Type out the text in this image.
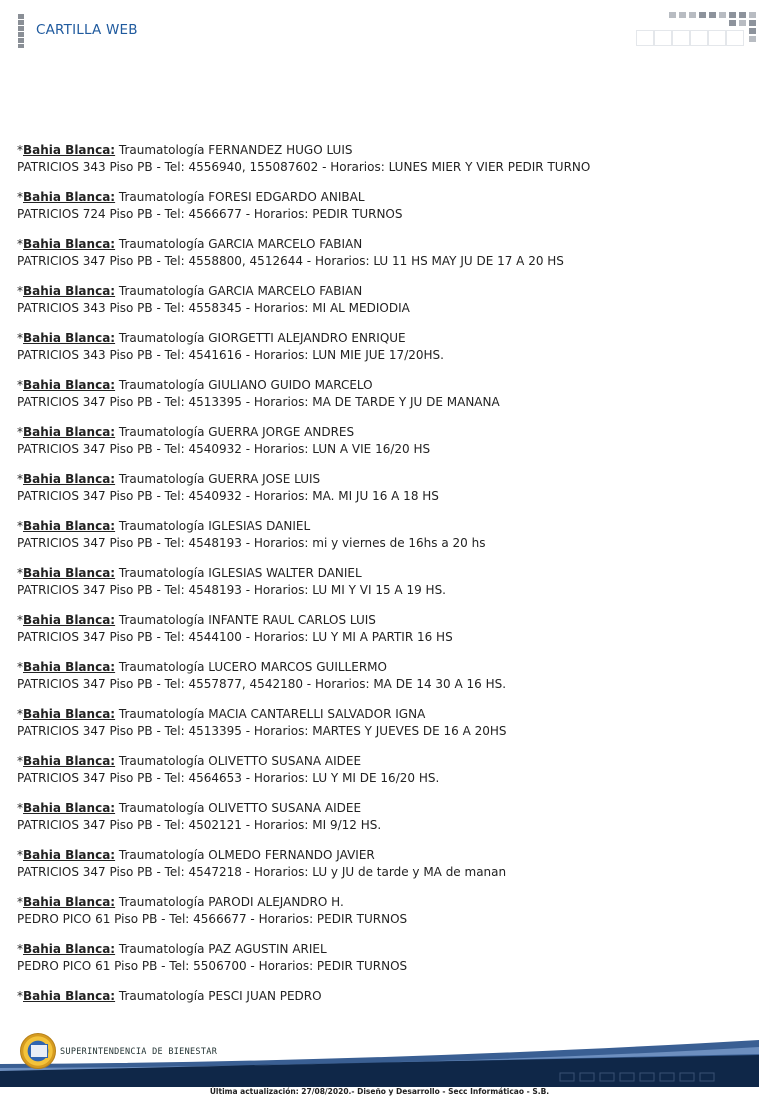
CARTILLA WEB
*Bahia Blanca: Traumatología FERNANDEZ HUGO LUIS
PATRICIOS 343 Piso PB - Tel: 4556940, 155087602 - Horarios: LUNES MIER Y VIER PEDIR TURNO
*Bahia Blanca: Traumatología FORESI EDGARDO ANIBAL
PATRICIOS 724 Piso PB - Tel: 4566677 - Horarios: PEDIR TURNOS
*Bahia Blanca: Traumatología GARCIA MARCELO FABIAN
PATRICIOS 347 Piso PB - Tel: 4558800, 4512644 - Horarios: LU 11 HS MAY JU DE 17 A 20 HS
*Bahia Blanca: Traumatología GARCIA MARCELO FABIAN
PATRICIOS 343 Piso PB - Tel: 4558345 - Horarios: MI AL MEDIODIA
*Bahia Blanca: Traumatología GIORGETTI ALEJANDRO ENRIQUE
PATRICIOS 343 Piso PB - Tel: 4541616 - Horarios: LUN MIE JUE 17/20HS.
*Bahia Blanca: Traumatología GIULIANO GUIDO MARCELO
PATRICIOS 347 Piso PB - Tel: 4513395 - Horarios: MA DE TARDE Y JU DE MANANA
*Bahia Blanca: Traumatología GUERRA JORGE ANDRES
PATRICIOS 347 Piso PB - Tel: 4540932 - Horarios: LUN A VIE 16/20 HS
*Bahia Blanca: Traumatología GUERRA JOSE LUIS
PATRICIOS 347 Piso PB - Tel: 4540932 - Horarios: MA. MI JU 16 A 18 HS
*Bahia Blanca: Traumatología IGLESIAS DANIEL
PATRICIOS 347 Piso PB - Tel: 4548193 - Horarios: mi y viernes de 16hs a 20 hs
*Bahia Blanca: Traumatología IGLESIAS WALTER DANIEL
PATRICIOS 347 Piso PB - Tel: 4548193 - Horarios: LU MI Y VI 15 A 19 HS.
*Bahia Blanca: Traumatología INFANTE RAUL CARLOS LUIS
PATRICIOS 347 Piso PB - Tel: 4544100 - Horarios: LU Y MI A PARTIR 16 HS
*Bahia Blanca: Traumatología LUCERO MARCOS GUILLERMO
PATRICIOS 347 Piso PB - Tel: 4557877, 4542180 - Horarios: MA DE 14 30 A 16 HS.
*Bahia Blanca: Traumatología MACIA CANTARELLI SALVADOR IGNA
PATRICIOS 347 Piso PB - Tel: 4513395 - Horarios: MARTES Y JUEVES DE 16 A 20HS
*Bahia Blanca: Traumatología OLIVETTO SUSANA AIDEE
PATRICIOS 347 Piso PB - Tel: 4564653 - Horarios: LU Y MI DE 16/20 HS.
*Bahia Blanca: Traumatología OLIVETTO SUSANA AIDEE
PATRICIOS 347 Piso PB - Tel: 4502121 - Horarios: MI 9/12 HS.
*Bahia Blanca: Traumatología OLMEDO FERNANDO JAVIER
PATRICIOS 347 Piso PB - Tel: 4547218 - Horarios: LU y JU de tarde y MA de manan
*Bahia Blanca: Traumatología PARODI ALEJANDRO H.
PEDRO PICO 61 Piso PB - Tel: 4566677 - Horarios: PEDIR TURNOS
*Bahia Blanca: Traumatología PAZ AGUSTIN ARIEL
PEDRO PICO 61 Piso PB - Tel: 5506700 - Horarios: PEDIR TURNOS
*Bahia Blanca: Traumatología PESCI JUAN PEDRO
SUPERINTENDENCIA DE BIENESTAR
Última actualización: 27/08/2020.- Diseño y Desarrollo - Secc Informáticao - S.B.
